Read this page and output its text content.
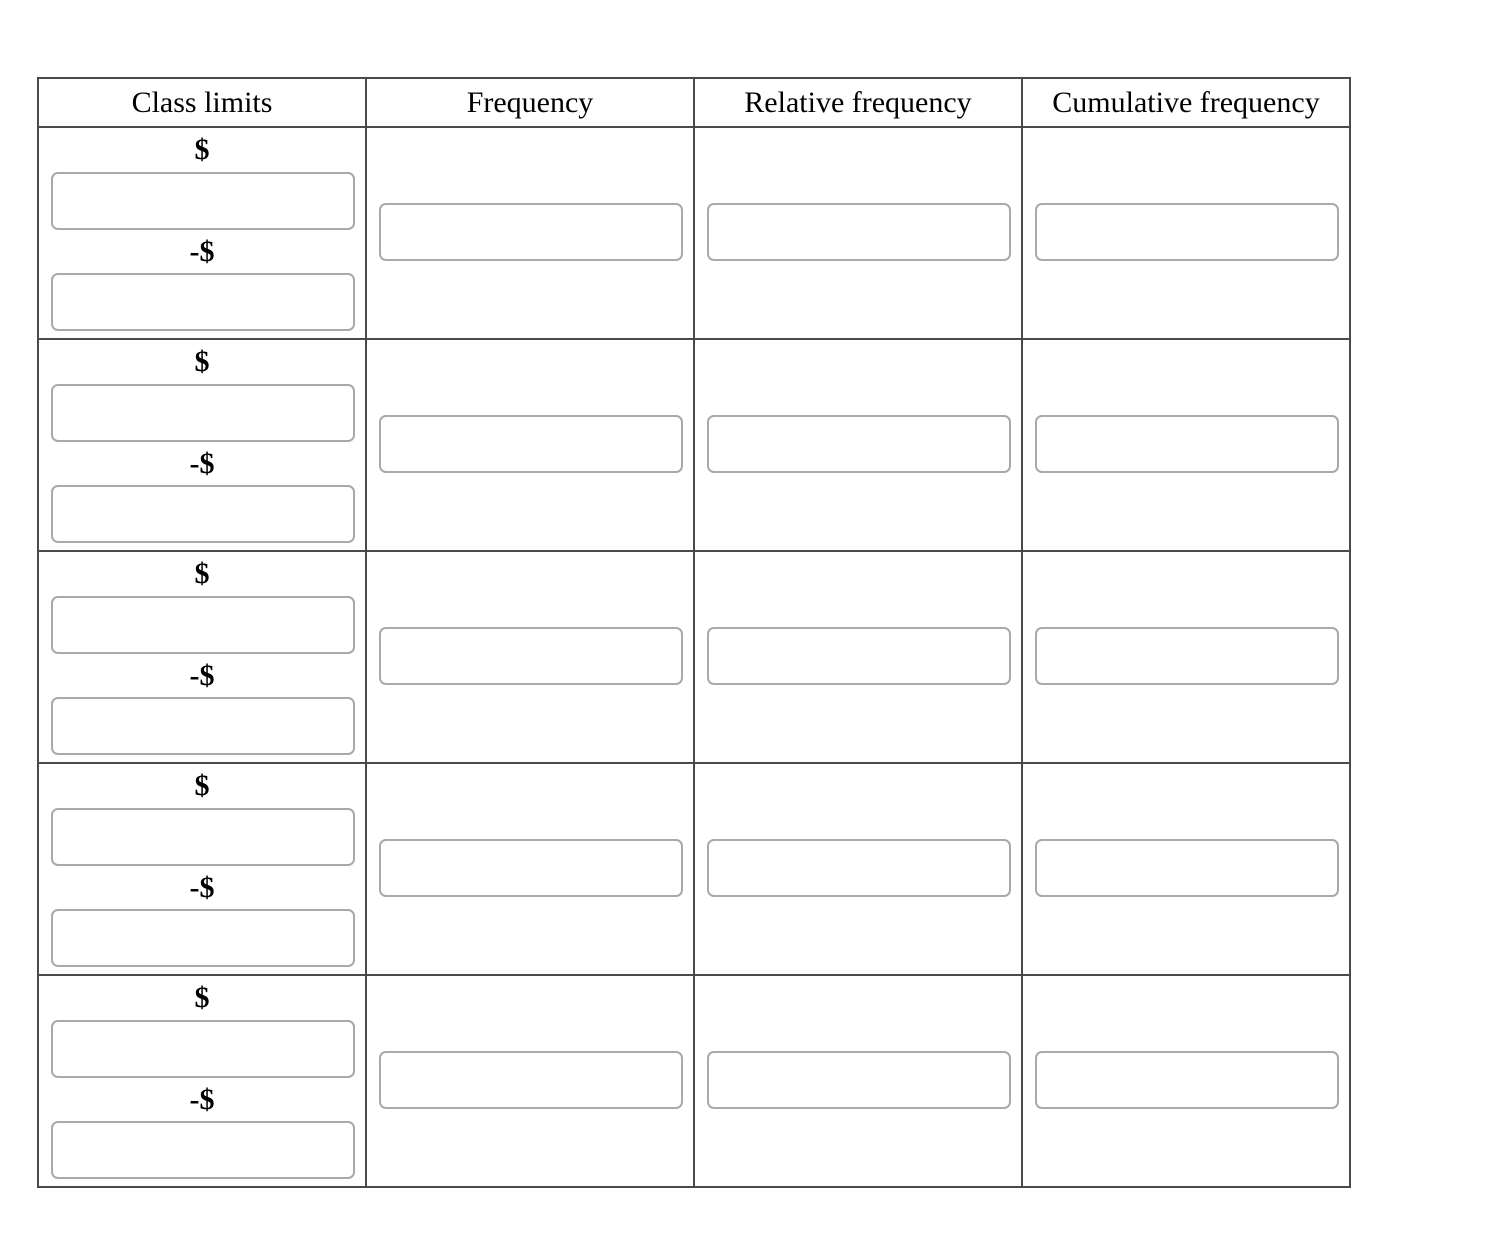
Class limits	Frequency	Relative frequency	Cumulative frequency

$
-$

$
-$

$
-$

$
-$

$
-$
